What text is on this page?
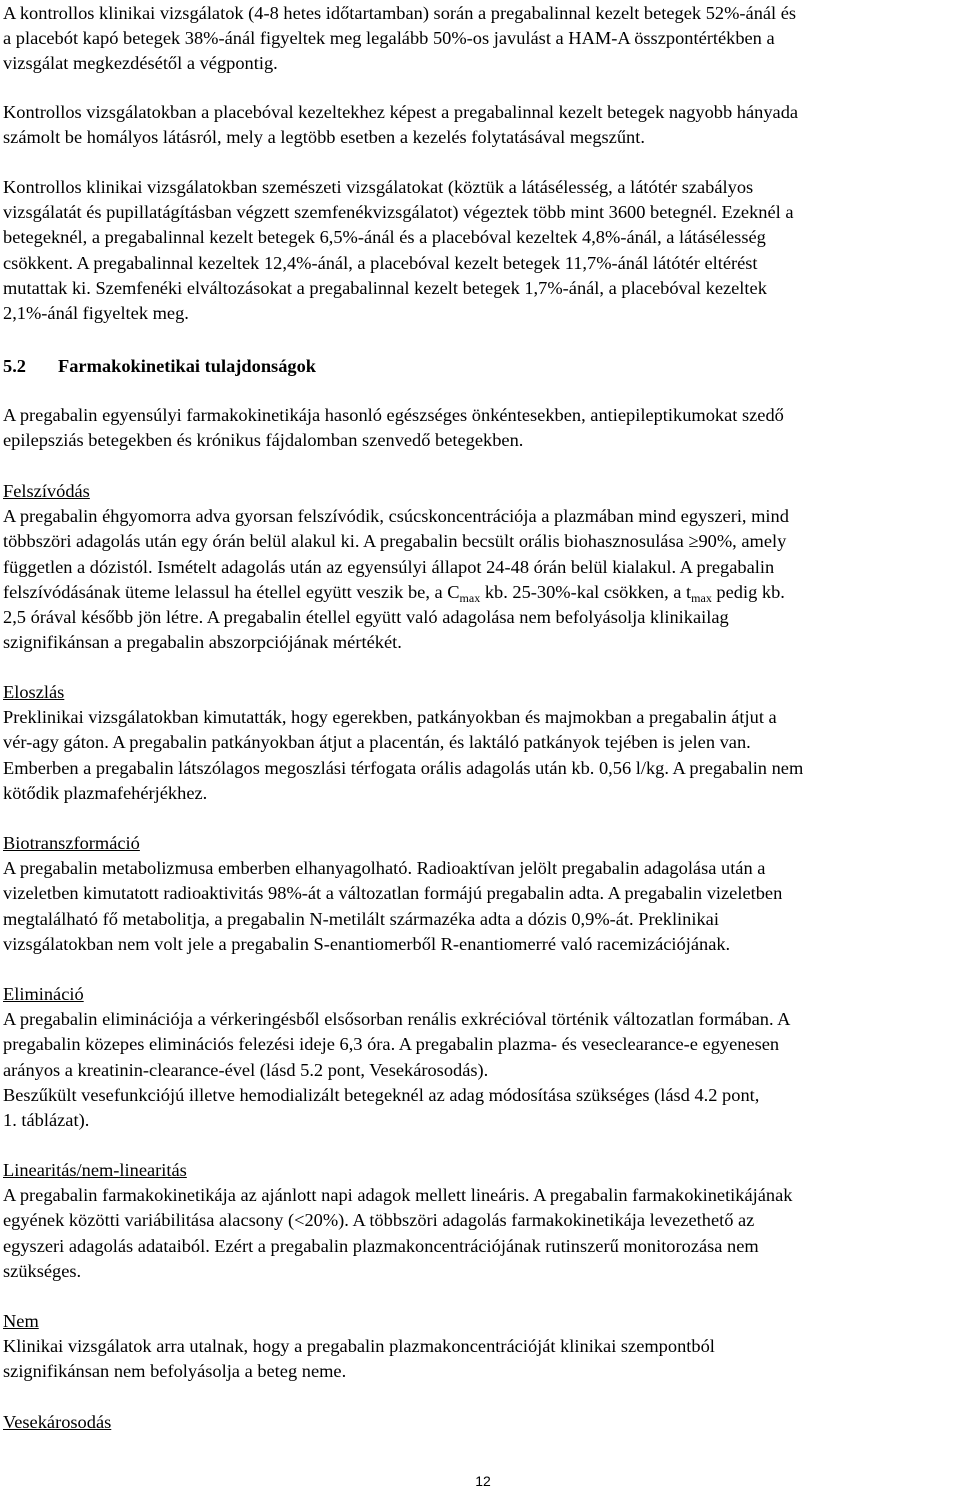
A kontrollos klinikai vizsgálatok (4-8 hetes időtartamban) során a pregabalinnal kezelt betegek 52%-ánál és
a placebót kapó betegek 38%-ánál figyeltek meg legalább 50%-os javulást a HAM-A összpontértékben a
vizsgálat megkezdésétől a végpontig.

Kontrollos vizsgálatokban a placebóval kezeltekhez képest a pregabalinnal kezelt betegek nagyobb hányada
számolt be homályos látásról, mely a legtöbb esetben a kezelés folytatásával megszűnt.

Kontrollos klinikai vizsgálatokban szemészeti vizsgálatokat (köztük a látásélesség, a látótér szabályos
vizsgálatát és pupillatágításban végzett szemfenékvizsgálatot) végeztek több mint 3600 betegnél. Ezeknél a
betegeknél, a pregabalinnal kezelt betegek 6,5%-ánál és a placebóval kezeltek 4,8%-ánál, a látásélesség
csökkent. A pregabalinnal kezeltek 12,4%-ánál, a placebóval kezelt betegek 11,7%-ánál látótér eltérést
mutattak ki. Szemfenéki elváltozásokat a pregabalinnal kezelt betegek 1,7%-ánál, a placebóval kezeltek
2,1%-ánál figyeltek meg.

5.2 Farmakokinetikai tulajdonságok

A pregabalin egyensúlyi farmakokinetikája hasonló egészséges önkéntesekben, antiepileptikumokat szedő
epilepsziás betegekben és krónikus fájdalomban szenvedő betegekben.

Felszívódás
A pregabalin éhgyomorra adva gyorsan felszívódik, csúcskoncentrációja a plazmában mind egyszeri, mind
többszöri adagolás után egy órán belül alakul ki. A pregabalin becsült orális biohasznosulása ≥90%, amely
független a dózistól. Ismételt adagolás után az egyensúlyi állapot 24-48 órán belül kialakul. A pregabalin
felszívódásának üteme lelassul ha étellel együtt veszik be, a $C_{max}$ kb. 25-30%-kal csökken, a $t_{max}$ pedig kb.
2,5 órával később jön létre. A pregabalin étellel együtt való adagolása nem befolyásolja klinikailag
szignifikánsan a pregabalin abszorpciójának mértékét.
Eloszlás
Preklinikai vizsgálatokban kimutatták, hogy egerekben, patkányokban és majmokban a pregabalin átjut a
vér-agy gáton. A pregabalin patkányokban átjut a placentán, és laktáló patkányok tejében is jelen van.
Emberben a pregabalin látszólagos megoszlási térfogata orális adagolás után kb. 0,56 l/kg. A pregabalin nem
kötődik plazmafehérjékhez.
Biotranszformáció
A pregabalin metabolizmusa emberben elhanyagolható. Radioaktívan jelölt pregabalin adagolása után a
vizeletben kimutatott radioaktivitás 98%-át a változatlan formájú pregabalin adta. A pregabalin vizeletben
megtalálható fő metabolitja, a pregabalin N-metilált származéka adta a dózis 0,9%-át. Preklinikai
vizsgálatokban nem volt jele a pregabalin S-enantiomerből R-enantiomerré való racemizációjának.
Elimináció
A pregabalin eliminációja a vérkeringésből elsősorban renális exkrécióval történik változatlan formában. A
pregabalin közepes eliminációs felezési ideje 6,3 óra. A pregabalin plazma- és veseclearance-e egyenesen
arányos a kreatinin-clearance-ével (lásd 5.2 pont, Vesekárosodás).
Beszűkült vesefunkciójú illetve hemodializált betegeknél az adag módosítása szükséges (lásd 4.2 pont,
1. táblázat).
Linearitás/nem-linearitás
A pregabalin farmakokinetikája az ajánlott napi adagok mellett lineáris. A pregabalin farmakokinetikájának
egyének közötti variábilitása alacsony (<20%). A többszöri adagolás farmakokinetikája levezethető az
egyszeri adagolás adataiból. Ezért a pregabalin plazmakoncentrációjának rutinszerű monitorozása nem
szükséges.
Nem
Klinikai vizsgálatok arra utalnak, hogy a pregabalin plazmakoncentrációját klinikai szempontból
szignifikánsan nem befolyásolja a beteg neme.
Vesekárosodás
12
